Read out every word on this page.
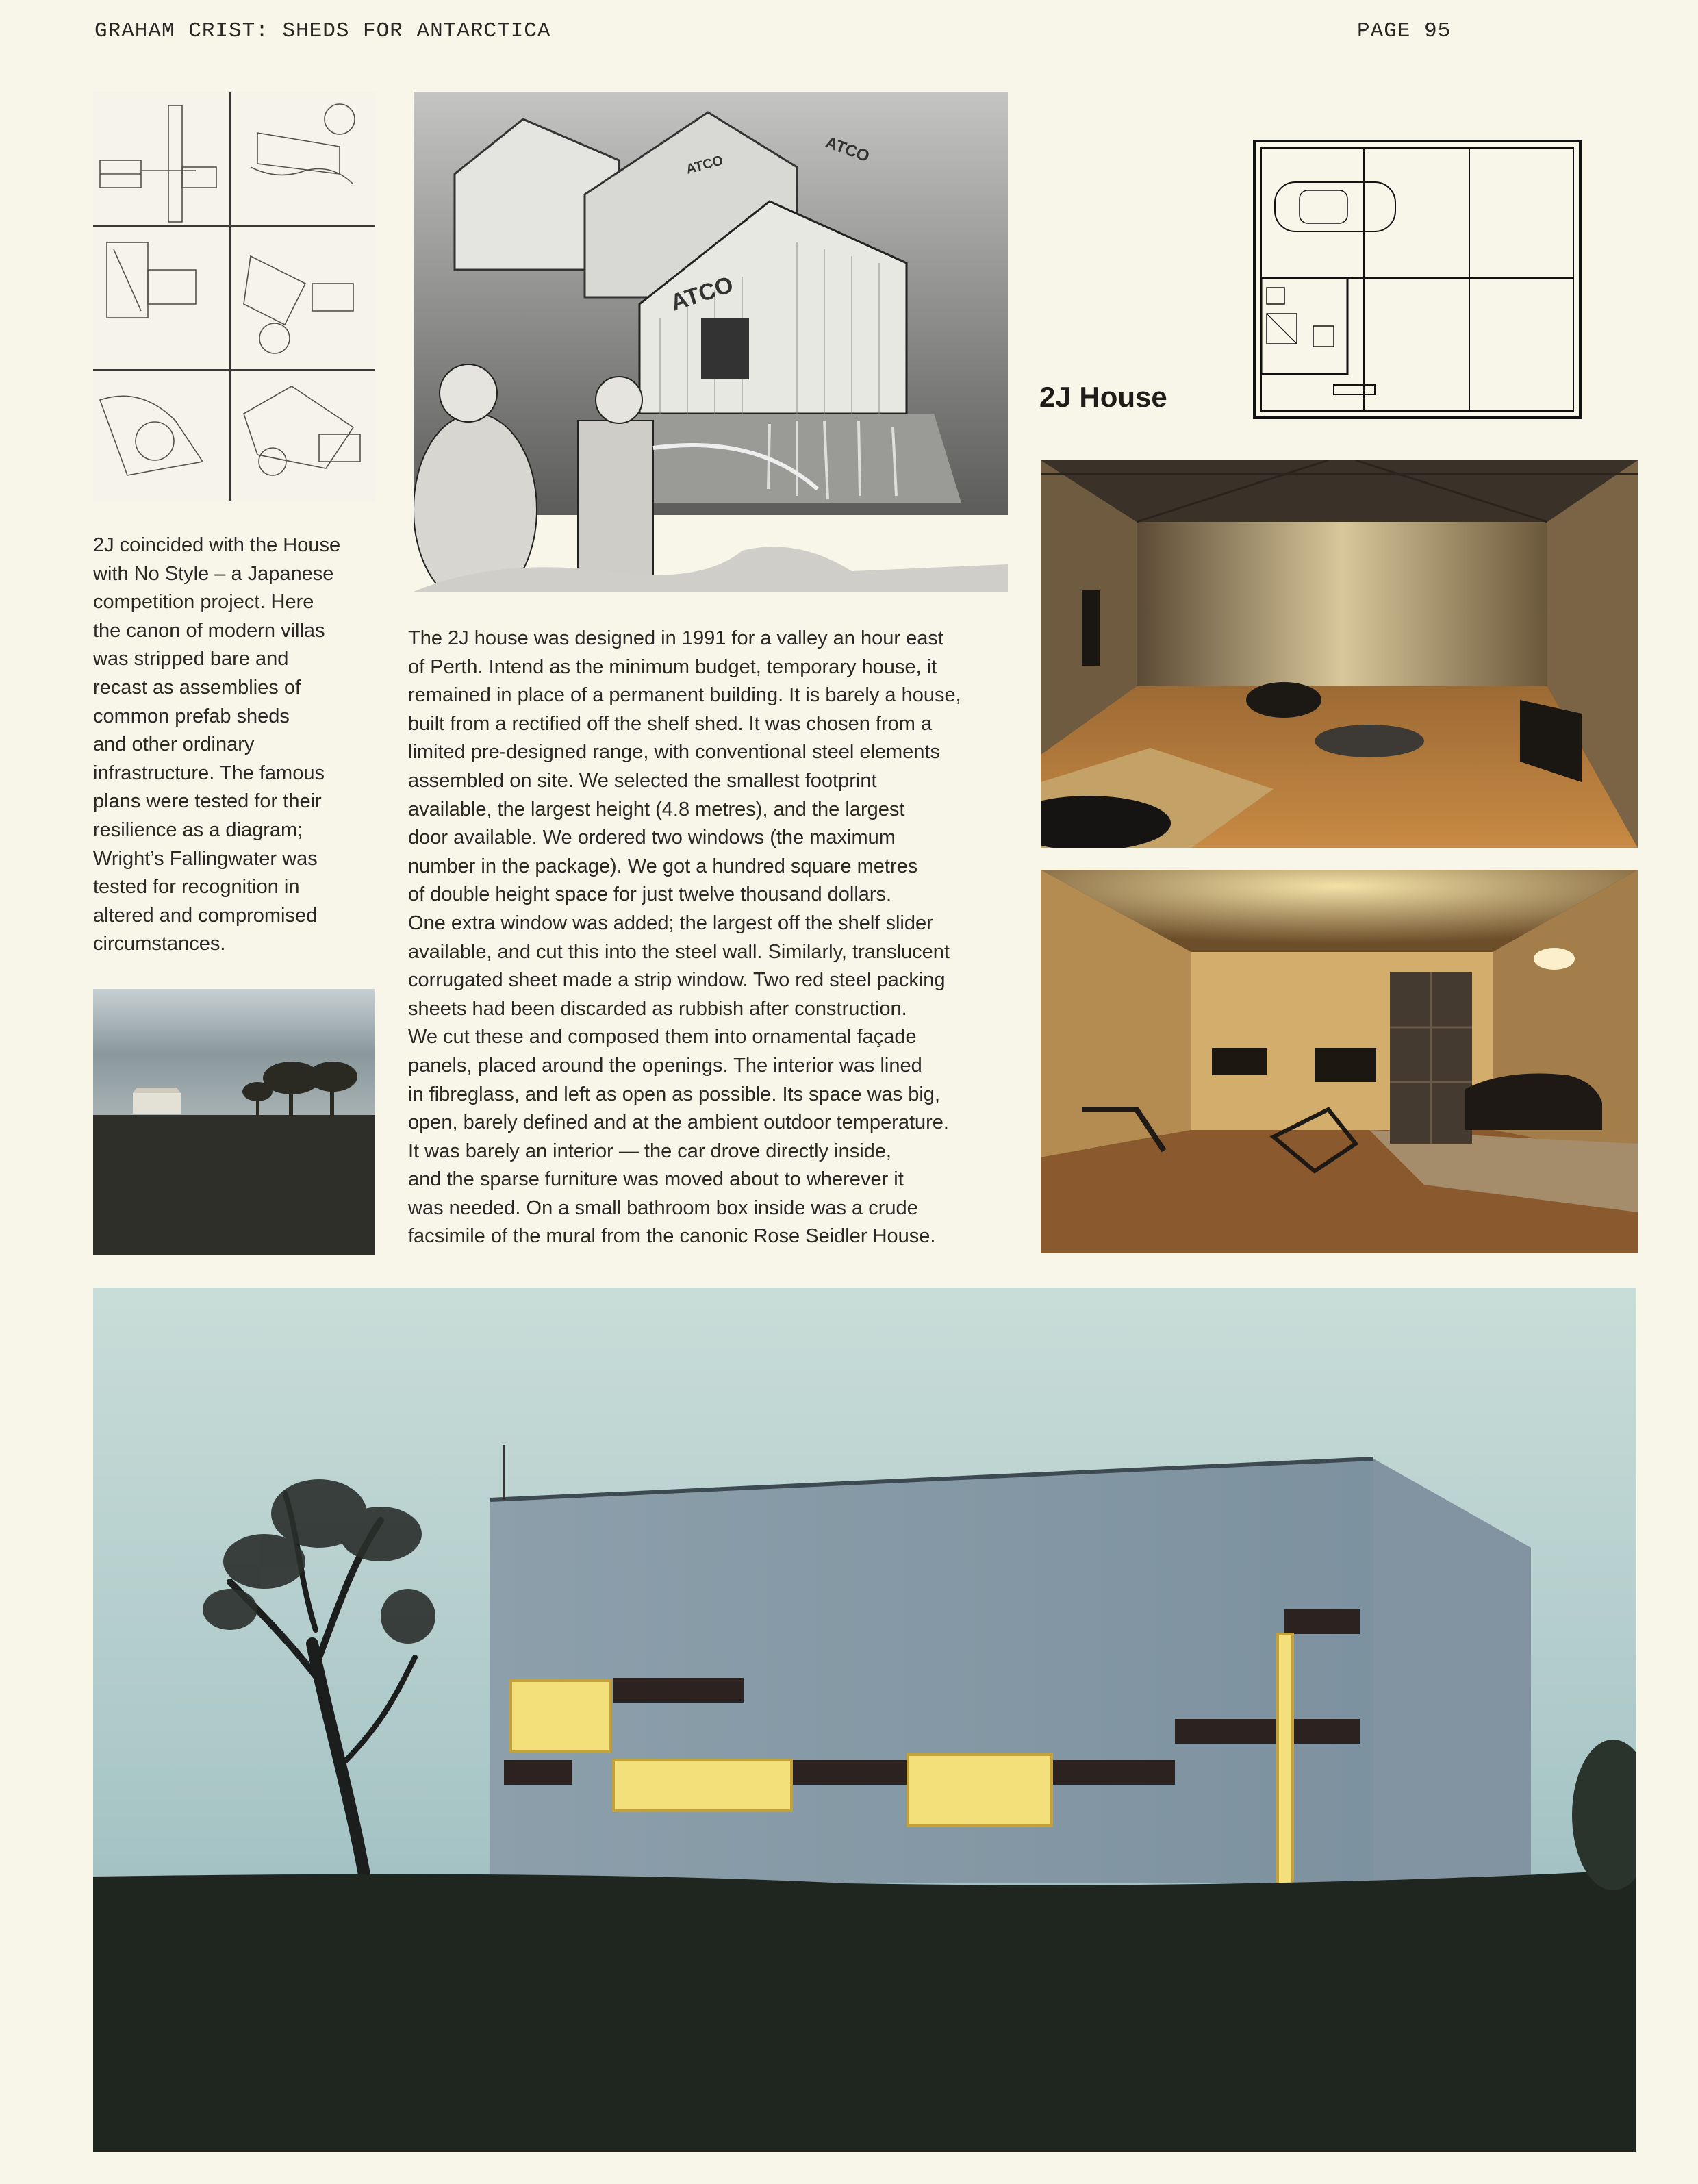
GRAHAM CRIST: SHEDS FOR ANTARCTICA	PAGE 95
ATCO
ATCO	ATCO
2J House

2J coincided with the House

with No Style – a Japanese

competition project. Here

the canon of modern villas

was stripped bare and

recast as assemblies of

common prefab sheds

and other ordinary

infrastructure. The famous

plans were tested for their

resilience as a diagram;

Wright’s Fallingwater was

tested for recognition in

altered and compromised

circumstances.

The 2J house was designed in 1991 for a valley an hour east

of Perth. Intend as the minimum budget, temporary house, it

remained in place of a permanent building. It is barely a house,

built from a rectified off the shelf shed. It was chosen from a

limited pre-designed range, with conventional steel elements

assembled on site. We selected the smallest footprint

available, the largest height (4.8 metres), and the largest

door available. We ordered two windows (the maximum

number in the package). We got a hundred square metres

of double height space for just twelve thousand dollars.

One extra window was added; the largest off the shelf slider

available, and cut this into the steel wall. Similarly, translucent

corrugated sheet made a strip window. Two red steel packing

sheets had been discarded as rubbish after construction.

We cut these and composed them into ornamental façade

panels, placed around the openings. The interior was lined

in fibreglass, and left as open as possible. Its space was big,

open, barely defined and at the ambient outdoor temperature.

It was barely an interior — the car drove directly inside,

and the sparse furniture was moved about to wherever it

was needed. On a small bathroom box inside was a crude

facsimile of the mural from the canonic Rose Seidler House.
